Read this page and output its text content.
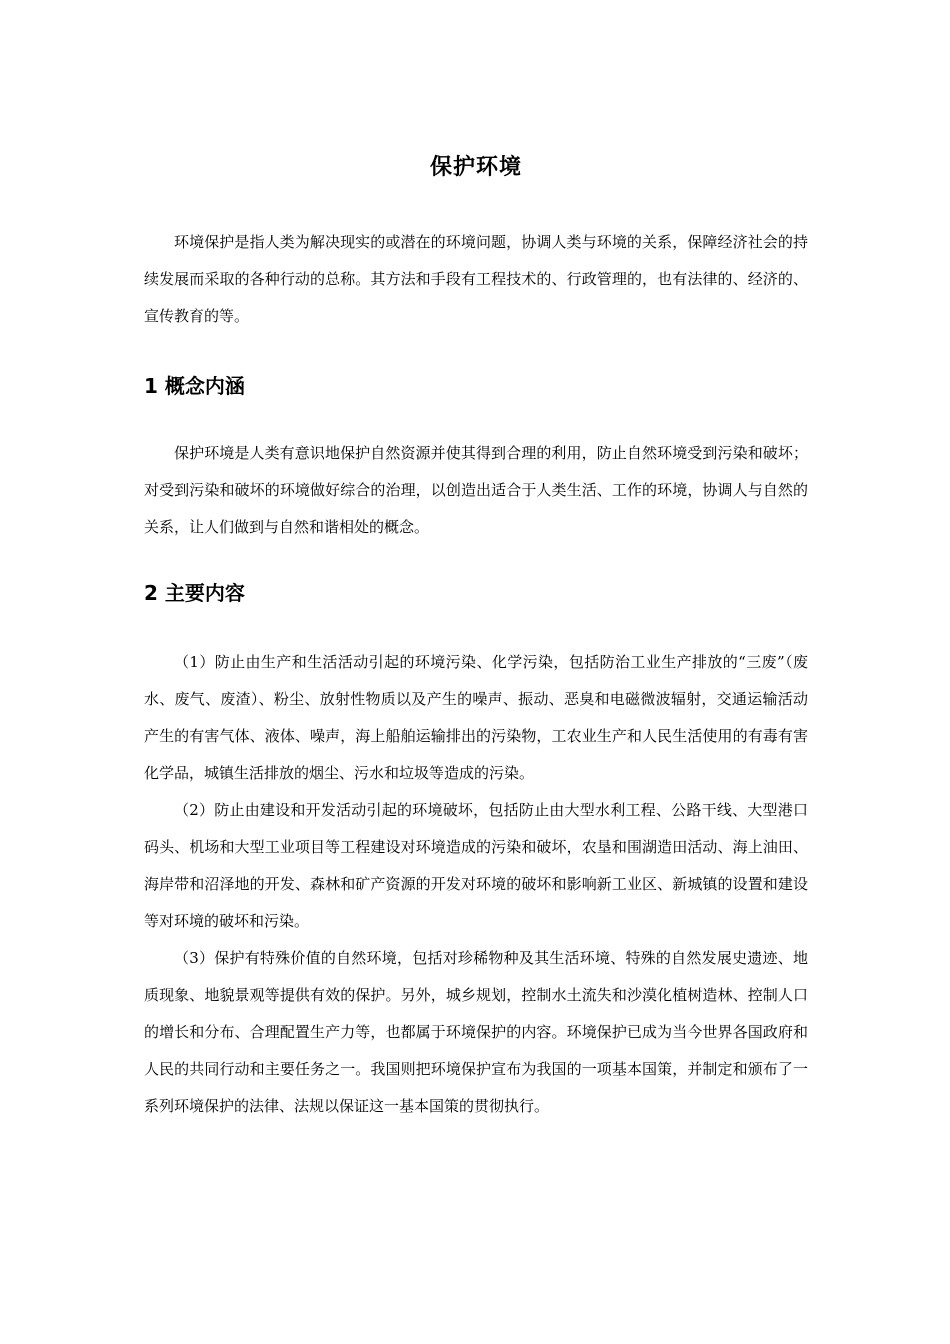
保护环境

环境保护是指人类为解决现实的或潜在的环境问题，协调人类与环境的关系，保障经济社会的持续发展而采取的各种行动的总称。其方法和手段有工程技术的、行政管理的，也有法律的、经济的、宣传教育的等。

1 概念内涵

保护环境是人类有意识地保护自然资源并使其得到合理的利用，防止自然环境受到污染和破坏；对受到污染和破坏的环境做好综合的治理，以创造出适合于人类生活、工作的环境，协调人与自然的关系，让人们做到与自然和谐相处的概念。

2 主要内容

（1）防止由生产和生活活动引起的环境污染、化学污染，包括防治工业生产排放的“三废”（废水、废气、废渣）、粉尘、放射性物质以及产生的噪声、振动、恶臭和电磁微波辐射，交通运输活动产生的有害气体、液体、噪声，海上船舶运输排出的污染物，工农业生产和人民生活使用的有毒有害化学品，城镇生活排放的烟尘、污水和垃圾等造成的污染。

（2）防止由建设和开发活动引起的环境破坏，包括防止由大型水利工程、公路干线、大型港口码头、机场和大型工业项目等工程建设对环境造成的污染和破坏，农垦和围湖造田活动、海上油田、海岸带和沼泽地的开发、森林和矿产资源的开发对环境的破坏和影响新工业区、新城镇的设置和建设等对环境的破坏和污染。

（3）保护有特殊价值的自然环境，包括对珍稀物种及其生活环境、特殊的自然发展史遗迹、地质现象、地貌景观等提供有效的保护。另外，城乡规划，控制水土流失和沙漠化植树造林、控制人口的增长和分布、合理配置生产力等，也都属于环境保护的内容。环境保护已成为当今世界各国政府和人民的共同行动和主要任务之一。我国则把环境保护宣布为我国的一项基本国策，并制定和颁布了一系列环境保护的法律、法规以保证这一基本国策的贯彻执行。
